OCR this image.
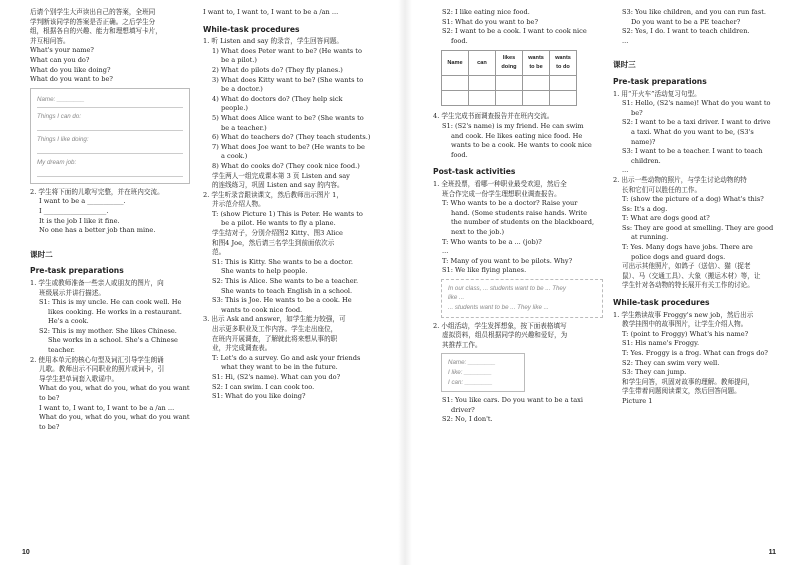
后请个别学生大声读出自己的答案，全班同

学判断该同学的答案是否正确。之后学生分

组，根据各自的兴趣、能力和理想填写卡片，

并互相问答。

What's your name?

What can you do?

What do you like doing?

What do you want to be?

Name: ________
Things I can do:
Things I like doing:
My dream job:

2. 学生将下面的儿歌写完整，并在班内交流。

I want to be a ___________.

I ___________________.

It is the job I like it fine.

No one has a better job than mine.

课时二
Pre-task preparations

1. 学生或教师准备一些亲人或朋友的图片，向

班级展示并讲行描述。

S1: This is my uncle. He can cook well. He

likes cooking. He works in a restaurant.

He's a cook.

S2: This is my mother. She likes Chinese.

She works in a school. She's a Chinese

teacher.

2. 使用本单元的核心句型及词汇引导学生朗诵

儿歌。教师出示不同职业的照片或词卡，引

导学生把单词套入歌谣中。

What do you, what do you, what do you want

to be?

I want to, I want to, I want to be a /an ...

What do you, what do you, what do you want

to be?

I want to, I want to, I want to be a /an ...

While-task procedures

1. 听 Listen and say 的录音，学生回答问题。

1) What does Peter want to be? (He wants to

be a pilot.)

2) What do pilots do? (They fly planes.)

3) What does Kitty want to be? (She wants to

be a doctor.)

4) What do doctors do? (They help sick

people.)

5) What does Alice want to be? (She wants to

be a teacher.)

6) What do teachers do? (They teach students.)

7) What does Joe want to be? (He wants to be

a cook.)

8) What do cooks do? (They cook nice food.)

学生两人一组完成课本第 3 页 Listen and say

的连线练习，巩固 Listen and say 的内容。

2. 学生听录音跟读课文，然后教师出示图片 1，

并示范介绍人物。

T: (show Picture 1) This is Peter. He wants to

be a pilot. He wants to fly a plane.

学生结对子，分别介绍图2 Kitty、图3 Alice

和图4 Joe，然后请三名学生到前面依次示

范。

S1: This is Kitty. She wants to be a doctor.

She wants to help people.

S2: This is Alice. She wants to be a teacher.

She wants to teach English in a school.

S3: This is Joe. He wants to be a cook. He

wants to cook nice food.

3. 出示 Ask and answer，如学生能力较强，可

出示更多职业及工作内容。学生走出座位，

在班内开展调查，了解就此将来想从事的职

业，并完成调查表。

T: Let's do a survey. Go and ask your friends

what they want to be in the future.

S1: Hi, (S2's name). What can you do?

S2: I can swim. I can cook too.

S1: What do you like doing?

10

S2: I like eating nice food.

S1: What do you want to be?

S2: I want to be a cook. I want to cook nice

food.

Name	can	likes doing	wants to be	wants to do

4. 学生完成书面调查报告并在班内交流。

S1: (S2's name) is my friend. He can swim

and cook. He likes eating nice food. He

wants to be a cook. He wants to cook nice

food.

Post-task activities

1. 全班投票，看哪一种职业最受欢迎，然后全

班合作完成一份学生理想职业调查报告。

T: Who wants to be a doctor? Raise your

hand. (Some students raise hands. Write

the number of students on the blackboard,

next to the job.)

T: Who wants to be a ... (job)?

...

T: Many of you want to be pilots. Why?

S1: We like flying planes.

In our class, ... students want to be ... They
like ...
... students want to be ... They like ...

2. 小组活动，学生发挥想象，按下面表格填写

虚拟资料，组员根据同学的兴趣和爱好，为

其推荐工作。

Name: ________
I like: ________
I can: ________

S1: You like cars. Do you want to be a taxi

driver?

S2: No, I don't.

S3: You like children, and you can run fast.

Do you want to be a PE teacher?

S2: Yes, I do. I want to teach children.

...

课时三
Pre-task preparations

1. 用“开火车”活动复习句型。

S1: Hello, (S2's name)! What do you want to

be?

S2: I want to be a taxi driver. I want to drive

a taxi. What do you want to be, (S3's

name)?

S3: I want to be a teacher. I want to teach

children.

...

2. 出示一些动物的照片，与学生讨论动物的特

长和它们可以胜任的工作。

T: (show the picture of a dog) What's this?

Ss: It's a dog.

T: What are dogs good at?

Ss: They are good at smelling. They are good

at running.

T: Yes. Many dogs have jobs. There are

police dogs and guard dogs.

可出示其他照片，如鸽子（送信）、猫（捉老

鼠）、马（交通工具）、大象（搬运木材）等，让

学生针对各动物的特长展开有关工作的讨论。

While-task procedures

1. 学生熟读故事 Froggy's new job，然后出示

教学挂图中的故事图片，让学生介绍人物。

T: (point to Froggy) What's his name?

S1: His name's Froggy.

T: Yes. Froggy is a frog. What can frogs do?

S2: They can swim very well.

S3: They can jump.

和学生问答，巩固对故事的理解。教师提问，

学生带着问题阅读课文，然后回答问题。

Picture 1

11
